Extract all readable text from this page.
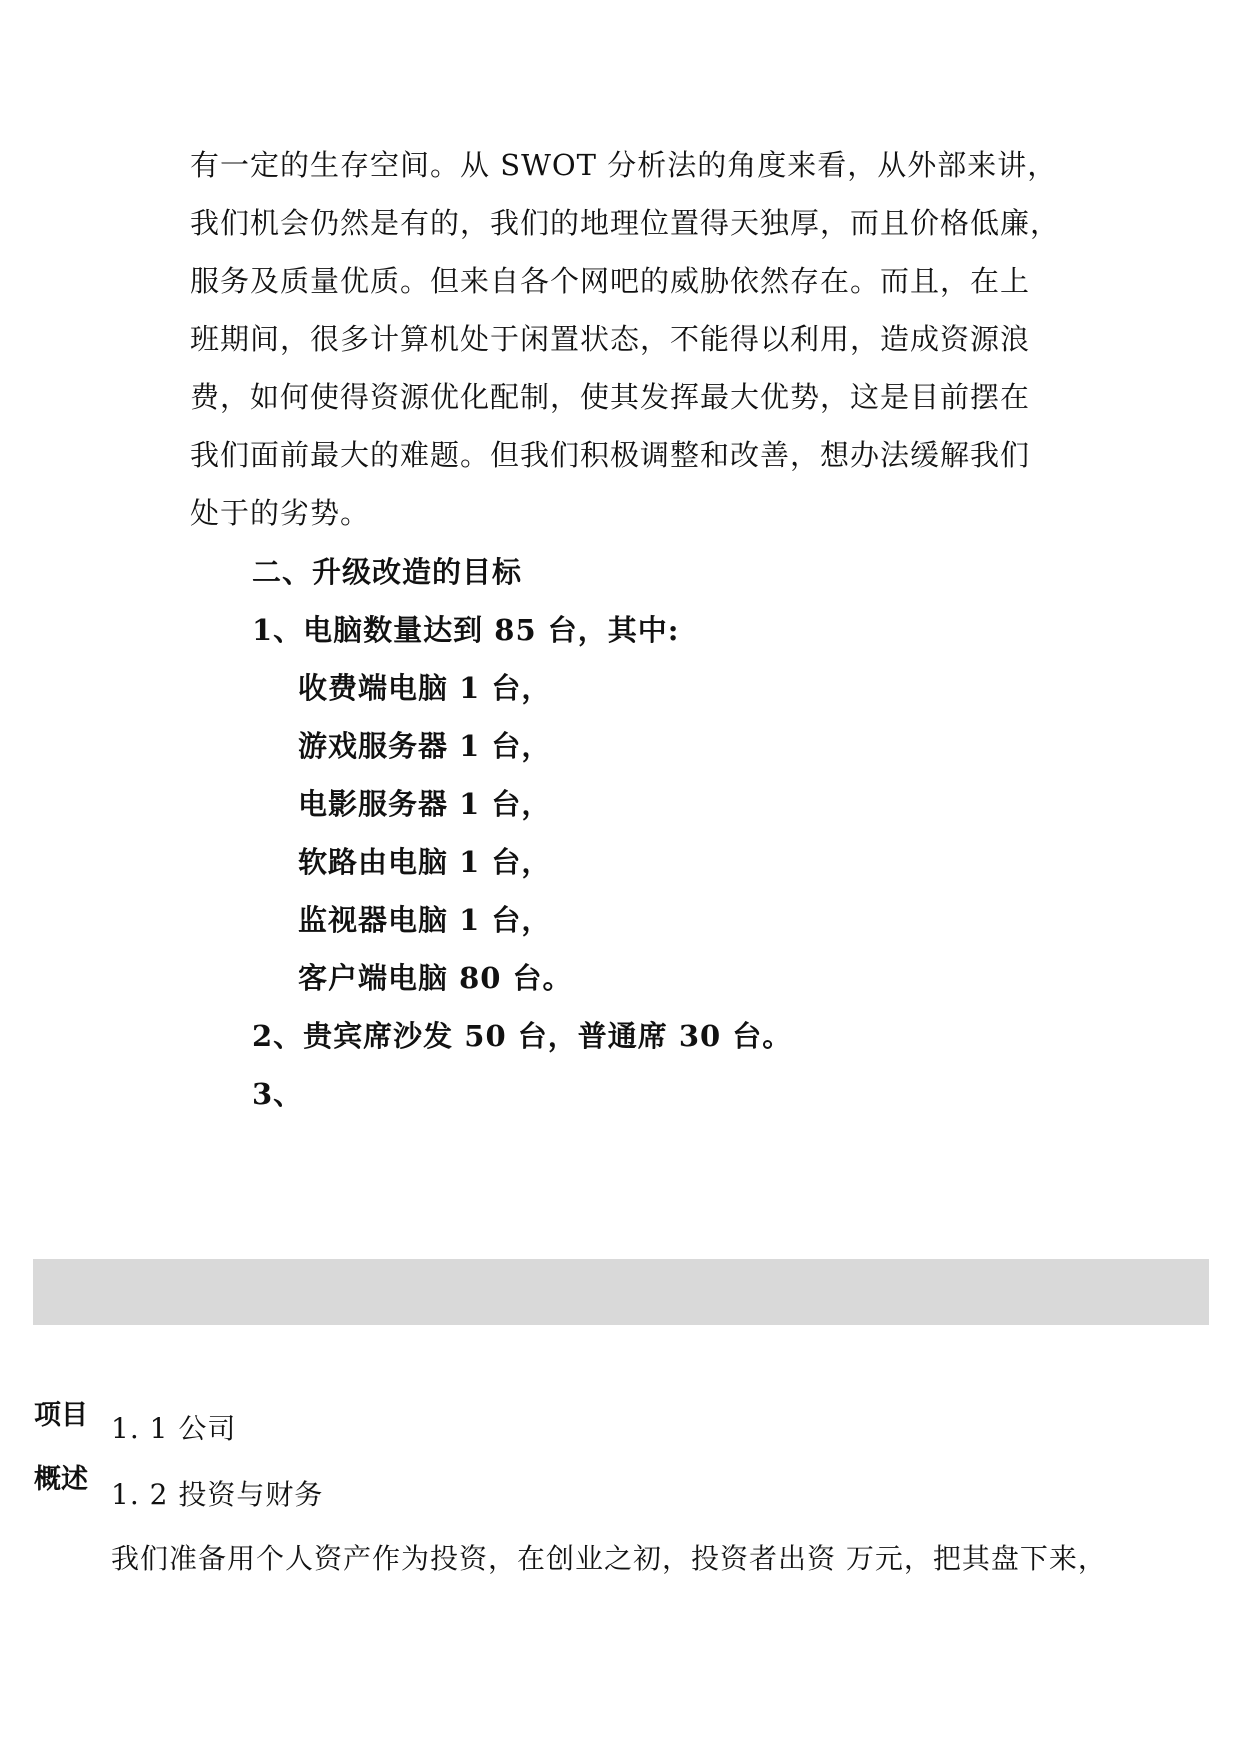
有一定的生存空间。从 SWOT 分析法的角度来看，从外部来讲，
我们机会仍然是有的，我们的地理位置得天独厚，而且价格低廉，
服务及质量优质。但来自各个网吧的威胁依然存在。而且，在上
班期间，很多计算机处于闲置状态，不能得以利用，造成资源浪
费，如何使得资源优化配制，使其发挥最大优势，这是目前摆在
我们面前最大的难题。但我们积极调整和改善，想办法缓解我们
处于的劣势。
二、升级改造的目标
1、电脑数量达到 85 台，其中:
收费端电脑 1 台，
游戏服务器 1 台，
电影服务器 1 台，
软路由电脑 1 台，
监视器电脑 1 台，
客户端电脑 80 台。
2、贵宾席沙发 50 台，普通席 30 台。
3、
项目
概述
1. 1 公司
1. 2 投资与财务
我们准备用个人资产作为投资，在创业之初，投资者出资 万元，把其盘下来，
